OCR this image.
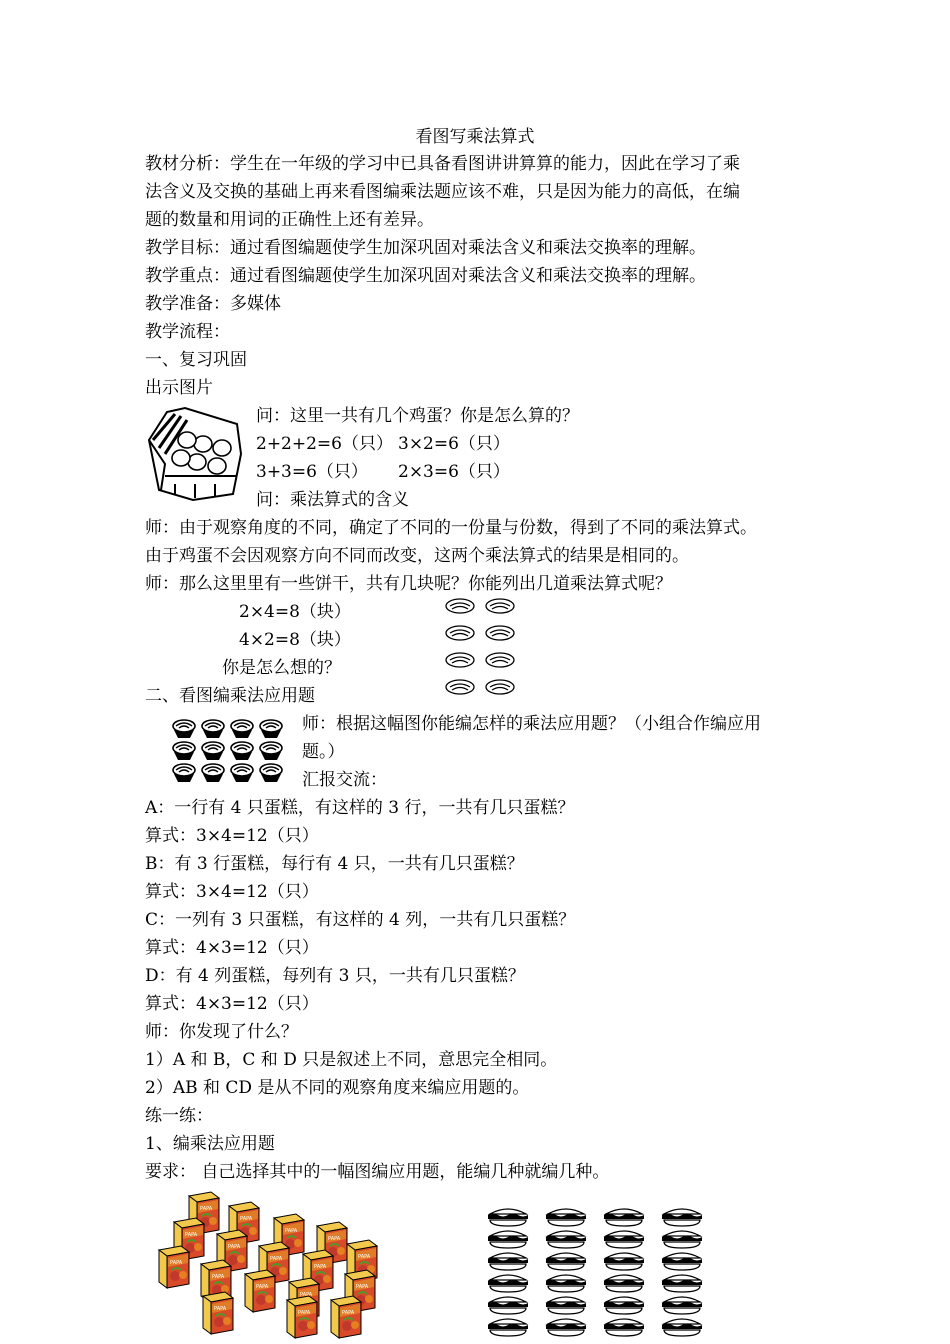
看图写乘法算式
教材分析：学生在一年级的学习中已具备看图讲讲算算的能力，因此在学习了乘
法含义及交换的基础上再来看图编乘法题应该不难，只是因为能力的高低，在编
题的数量和用词的正确性上还有差异。
教学目标：通过看图编题使学生加深巩固对乘法含义和乘法交换率的理解。
教学重点：通过看图编题使学生加深巩固对乘法含义和乘法交换率的理解。
教学准备：多媒体
教学流程：
一、复习巩固
出示图片
问：这里一共有几个鸡蛋？你是怎么算的？
2+2+2=6（只） 3×2=6（只）
3+3=6（只） 2×3=6（只）
问：乘法算式的含义
师：由于观察角度的不同，确定了不同的一份量与份数，得到了不同的乘法算式。
由于鸡蛋不会因观察方向不同而改变，这两个乘法算式的结果是相同的。
师：那么这里里有一些饼干，共有几块呢？你能列出几道乘法算式呢？
2×4=8（块）
4×2=8（块）
你是怎么想的？
二、看图编乘法应用题
师：根据这幅图你能编怎样的乘法应用题？（小组合作编应用
题。）
汇报交流：
A：一行有 4 只蛋糕，有这样的 3 行，一共有几只蛋糕？
算式：3×4=12（只）
B：有 3 行蛋糕，每行有 4 只，一共有几只蛋糕？
算式：3×4=12（只）
C：一列有 3 只蛋糕，有这样的 4 列，一共有几只蛋糕？
算式：4×3=12（只）
D：有 4 列蛋糕，每列有 3 只，一共有几只蛋糕？
算式：4×3=12（只）
师：你发现了什么？
1）A 和 B，C 和 D 只是叙述上不同，意思完全相同。
2）AB 和 CD 是从不同的观察角度来编应用题的。
练一练：
1、编乘法应用题
要求： 自己选择其中的一幅图编应用题，能编几种就编几种。
PAPA
